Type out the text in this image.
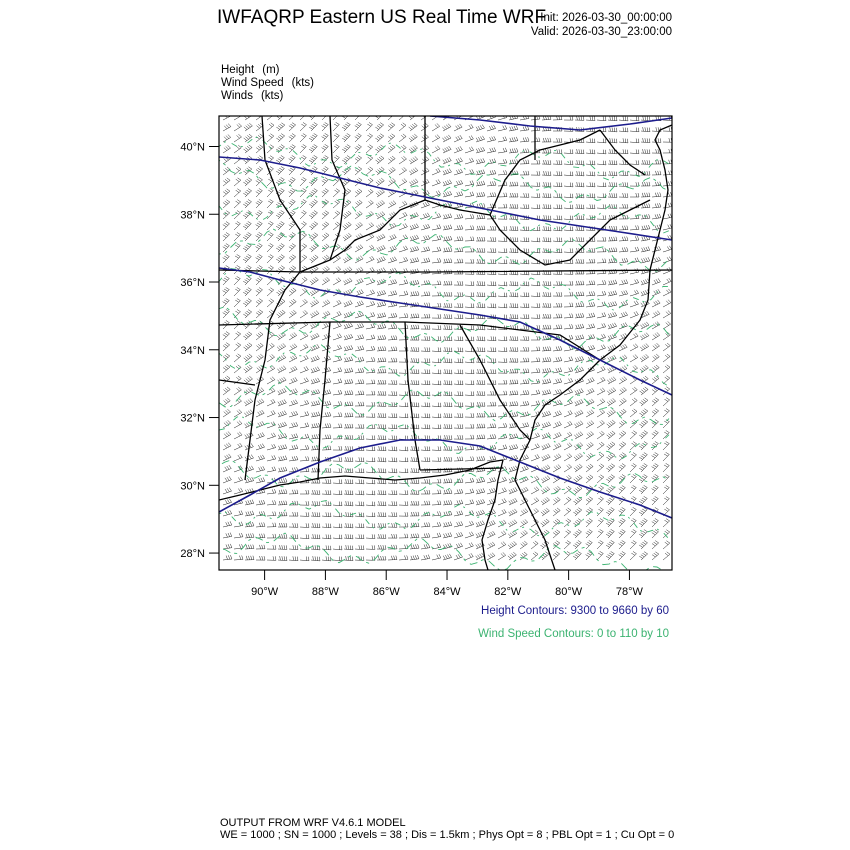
IWFAQRP Eastern US Real Time WRF
Init: 2026-03-30_00:00:00
Valid: 2026-03-30_23:00:00
Height (m)
Wind Speed (kts)
Winds (kts)
40°N
38°N
36°N
34°N
32°N
30°N
28°N
90°W	88°W	86°W	84°W	82°W	80°W	78°W
Height Contours: 9300 to 9660 by 60
Wind Speed Contours: 0 to 110 by 10
OUTPUT FROM WRF V4.6.1 MODEL
WE = 1000 ; SN = 1000 ; Levels = 38 ; Dis = 1.5km ; Phys Opt = 8 ; PBL Opt = 1 ; Cu Opt = 0
